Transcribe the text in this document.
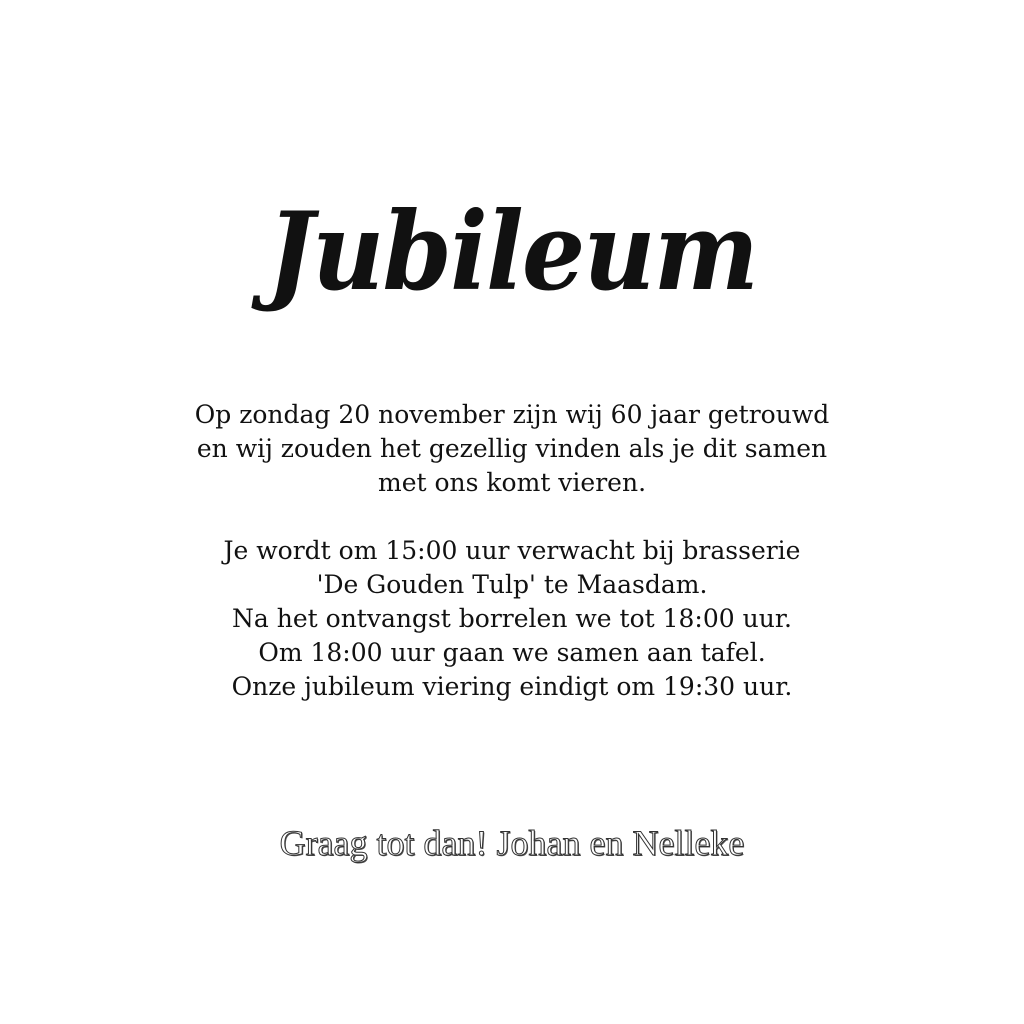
Jubileum

Op zondag 20 november zijn wij 60 jaar getrouwd
en wij zouden het gezellig vinden als je dit samen
met ons komt vieren.

Je wordt om 15:00 uur verwacht bij brasserie
'De Gouden Tulp' te Maasdam.
Na het ontvangst borrelen we tot 18:00 uur.
Om 18:00 uur gaan we samen aan tafel.
Onze jubileum viering eindigt om 19:30 uur.

Graag tot dan! Johan en Nelleke
